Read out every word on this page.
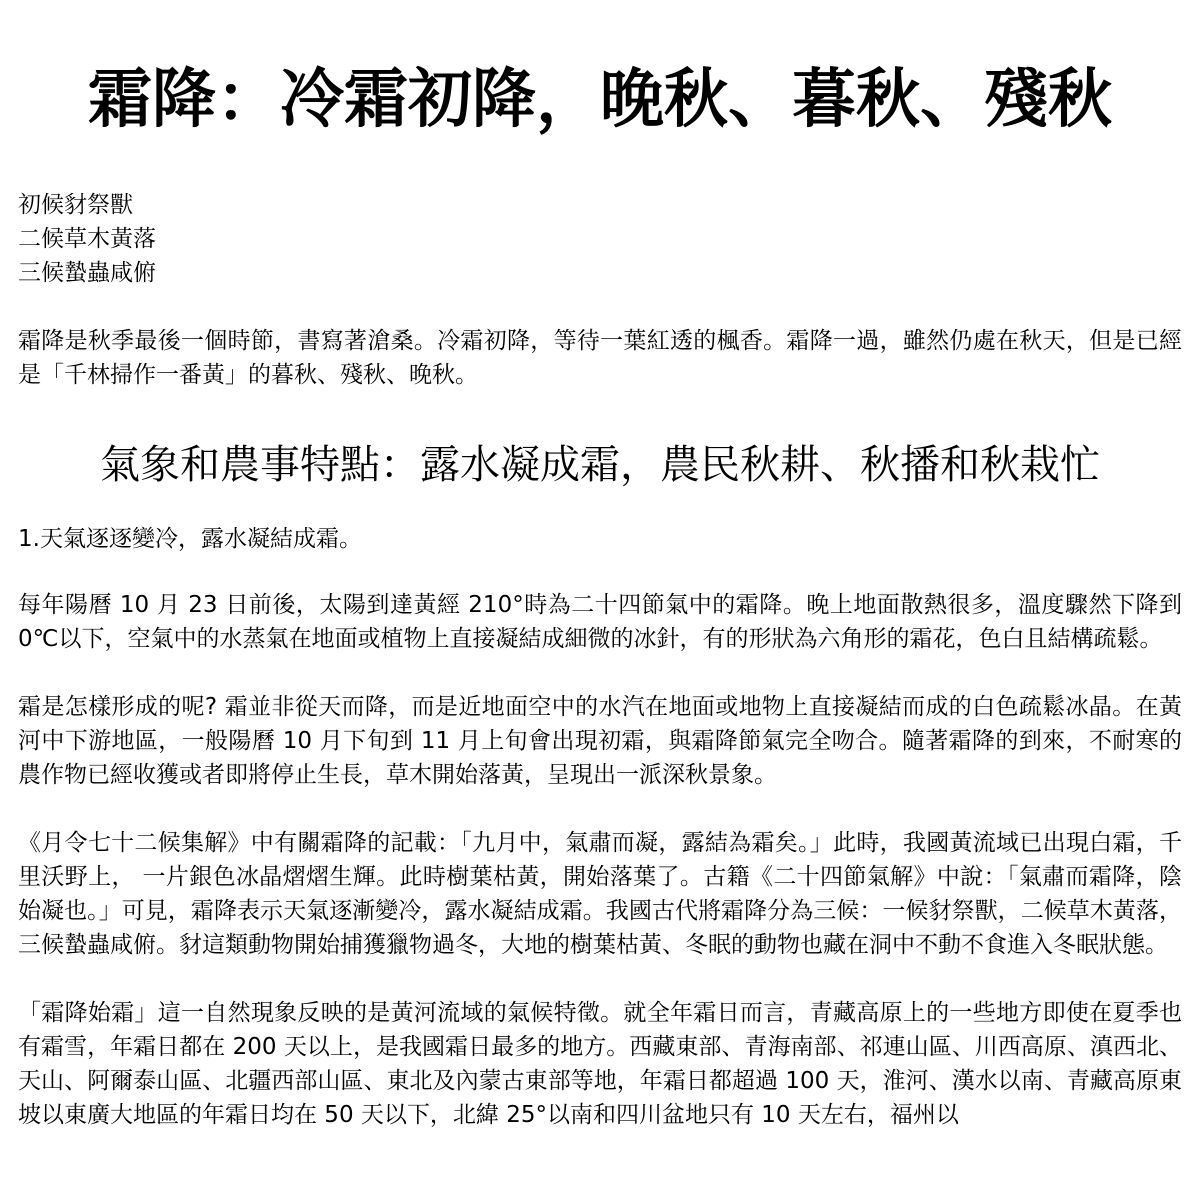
霜降：冷霜初降，晚秋、暮秋、殘秋
初候豺祭獸
二候草木黃落
三候蟄蟲咸俯

霜降是秋季最後一個時節，書寫著滄桑。冷霜初降，等待一葉紅透的楓香。霜降一過，雖然仍處在秋天，但是已經是「千林掃作一番黃」的暮秋、殘秋、晚秋。

氣象和農事特點：露水凝成霜，農民秋耕、秋播和秋栽忙

1.天氣逐逐變冷，露水凝結成霜。

每年陽曆 10 月 23 日前後，太陽到達黃經 210°時為二十四節氣中的霜降。晚上地面散熱很多，溫度驟然下降到 0℃以下，空氣中的水蒸氣在地面或植物上直接凝結成細微的冰針，有的形狀為六角形的霜花，色白且結構疏鬆。

霜是怎樣形成的呢? 霜並非從天而降，而是近地面空中的水汽在地面或地物上直接凝結而成的白色疏鬆冰晶。在黃河中下游地區，一般陽曆 10 月下旬到 11 月上旬會出現初霜，與霜降節氣完全吻合。隨著霜降的到來，不耐寒的農作物已經收獲或者即將停止生長，草木開始落黃，呈現出一派深秋景象。

《月令七十二候集解》中有關霜降的記載：「九月中，氣肅而凝，露結為霜矣。」此時，我國黃流域已出現白霜，千里沃野上， 一片銀色冰晶熠熠生輝。此時樹葉枯黃，開始落葉了。古籍《二十四節氣解》中說：「氣肅而霜降，陰始凝也。」可見，霜降表示天氣逐漸變冷，露水凝結成霜。我國古代將霜降分為三候：一候豺祭獸，二候草木黃落，三候蟄蟲咸俯。豺這類動物開始捕獲獵物過冬，大地的樹葉枯黃、冬眠的動物也藏在洞中不動不食進入冬眠狀態。

「霜降始霜」這一自然現象反映的是黃河流域的氣候特徵。就全年霜日而言，青藏高原上的一些地方即使在夏季也有霜雪，年霜日都在 200 天以上，是我國霜日最多的地方。西藏東部、青海南部、祁連山區、川西高原、滇西北、天山、阿爾泰山區、北疆西部山區、東北及內蒙古東部等地，年霜日都超過 100 天，淮河、漢水以南、青藏高原東坡以東廣大地區的年霜日均在 50 天以下，北緯 25°以南和四川盆地只有 10 天左右，福州以
